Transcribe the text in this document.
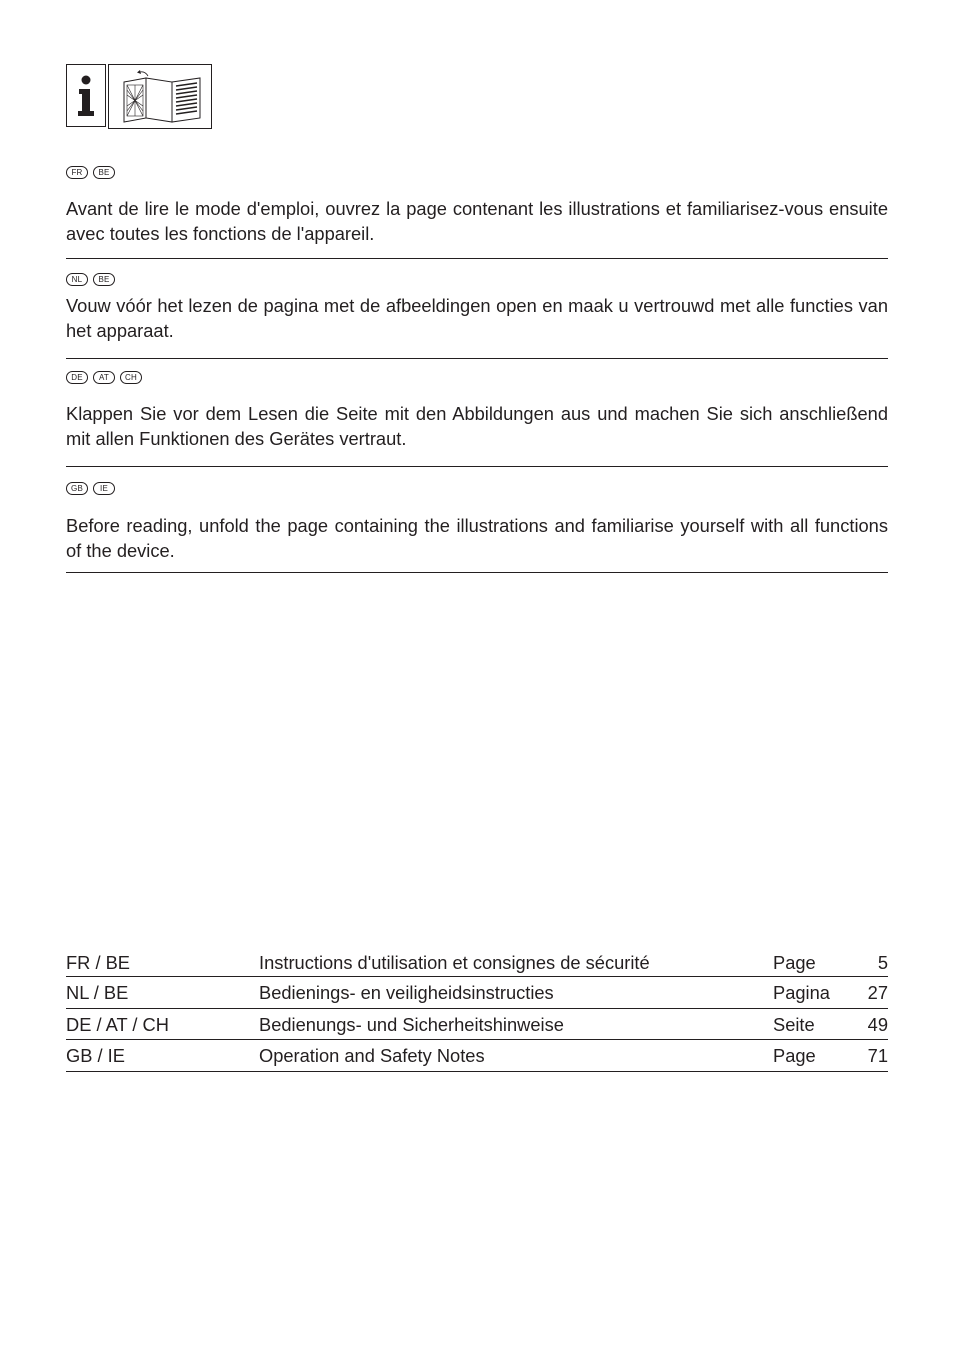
FR	BE

Avant de lire le mode d'emploi, ouvrez la page contenant les illustrations et familiarisez-vous ensuite avec toutes les fonctions de l'appareil.

NL	BE

Vouw vóór het lezen de pagina met de afbeeldingen open en maak u vertrouwd met alle functies van het apparaat.

DE	AT	CH

Klappen Sie vor dem Lesen die Seite mit den Abbildungen aus und machen Sie sich anschließend mit allen Funktionen des Gerätes vertraut.

GB	IE

Before reading, unfold the page containing the illustrations and familiarise yourself with all functions of the device.

FR / BE	Instructions d'utilisation et consignes de sécurité	Page	5
NL / BE	Bedienings- en veiligheidsinstructies	Pagina	27
DE / AT / CH	Bedienungs- und Sicherheitshinweise	Seite	49
GB / IE	Operation and Safety Notes	Page	71
